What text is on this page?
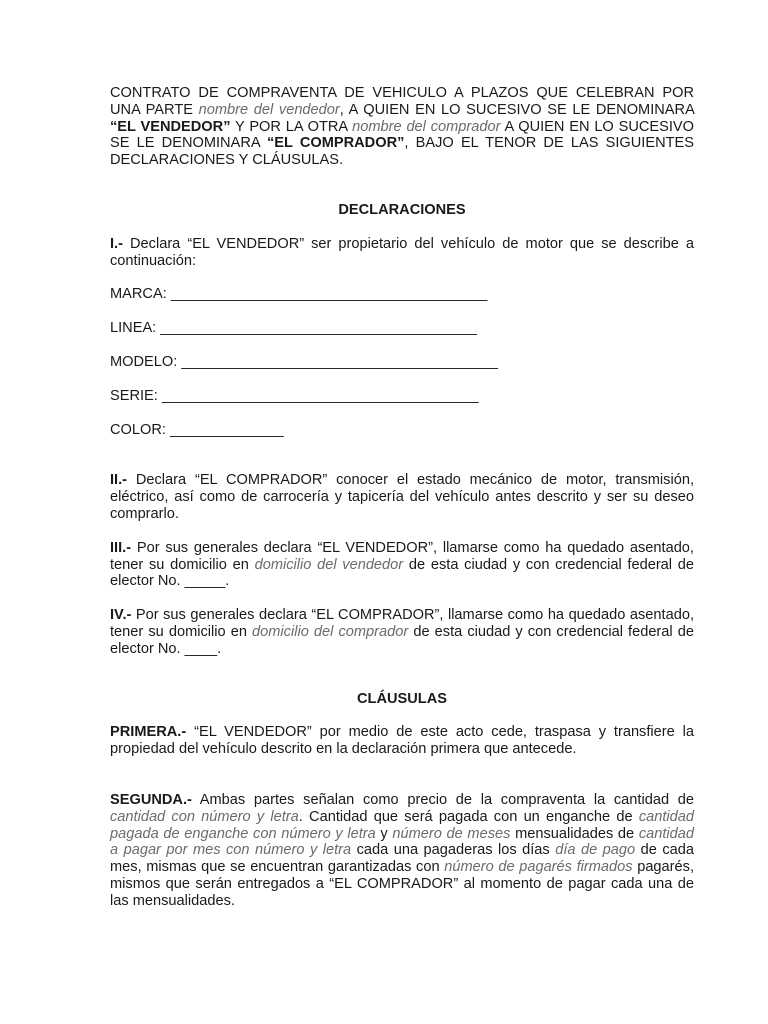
CONTRATO DE COMPRAVENTA DE VEHICULO A PLAZOS QUE CELEBRAN POR UNA PARTE nombre del vendedor, A QUIEN EN LO SUCESIVO SE LE DENOMINARA “EL VENDEDOR” Y POR LA OTRA nombre del comprador A QUIEN EN LO SUCESIVO SE LE DENOMINARA “EL COMPRADOR”, BAJO EL TENOR DE LAS SIGUIENTES DECLARACIONES Y CLÁUSULAS.

DECLARACIONES

I.- Declara “EL VENDEDOR” ser propietario del vehículo de motor que se describe a continuación:

MARCA: _______________________________________

LINEA: _______________________________________

MODELO: _______________________________________

SERIE: _______________________________________

COLOR: ______________

II.- Declara “EL COMPRADOR” conocer el estado mecánico de motor, transmisión, eléctrico, así como de carrocería y tapicería del vehículo antes descrito y ser su deseo comprarlo.

III.- Por sus generales declara “EL VENDEDOR”, llamarse como ha quedado asentado, tener su domicilio en domicilio del vendedor de esta ciudad y con credencial federal de elector No. _____.

IV.- Por sus generales declara “EL COMPRADOR”, llamarse como ha quedado asentado, tener su domicilio en domicilio del comprador de esta ciudad y con credencial federal de elector No. ____.

CLÁUSULAS

PRIMERA.- “EL VENDEDOR” por medio de este acto cede, traspasa y transfiere la propiedad del vehículo descrito en la declaración primera que antecede.

SEGUNDA.- Ambas partes señalan como precio de la compraventa la cantidad de cantidad con número y letra. Cantidad que será pagada con un enganche de cantidad pagada de enganche con número y letra y número de meses mensualidades de cantidad a pagar por mes con número y letra cada una pagaderas los días día de pago de cada mes, mismas que se encuentran garantizadas con número de pagarés firmados pagarés, mismos que serán entregados a “EL COMPRADOR” al momento de pagar cada una de las mensualidades.
